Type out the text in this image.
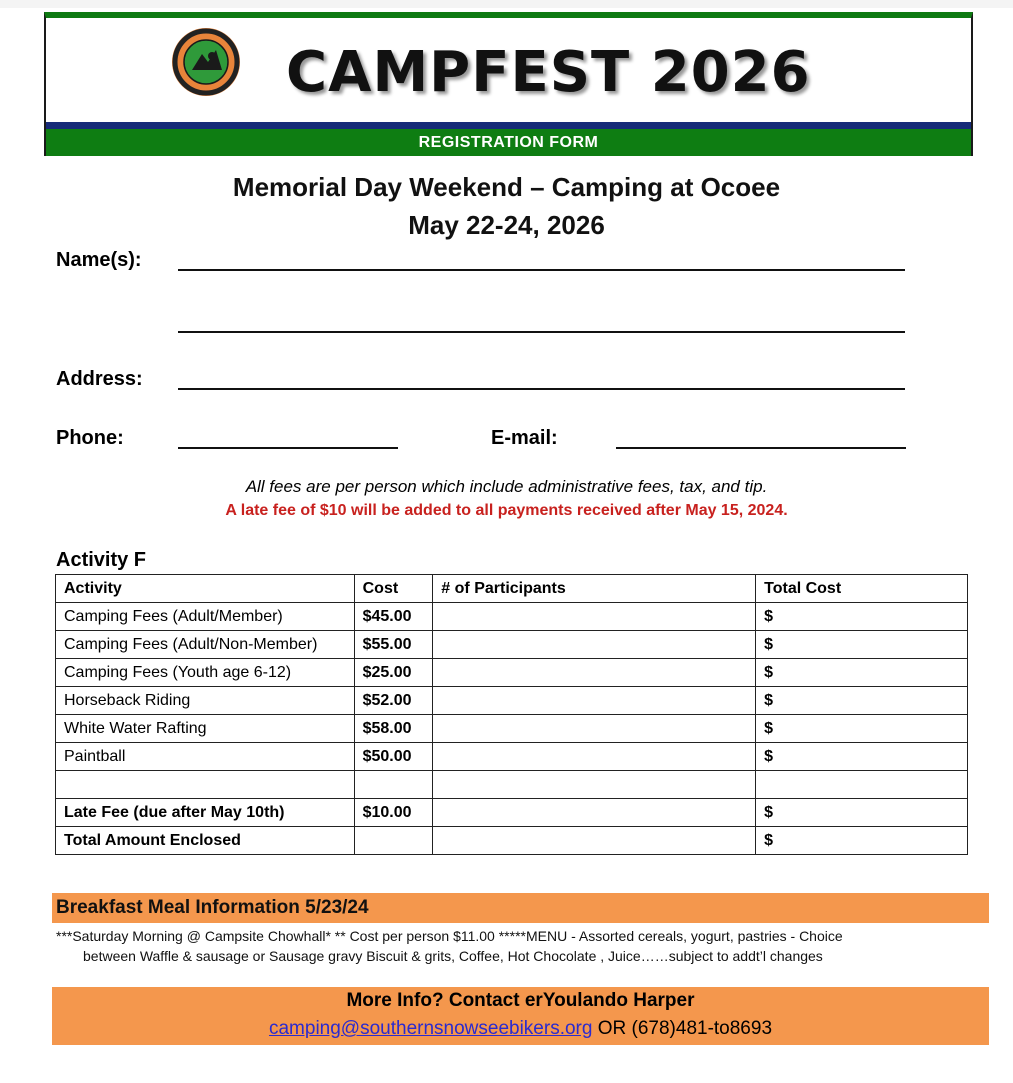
CAMPFEST 2026
REGISTRATION FORM
Memorial Day Weekend – Camping at Ocoee
May 22-24, 2026
Name(s):
Address:
Phone:	E-mail:
All fees are per person which include administrative fees, tax, and tip.
A late fee of $10 will be added to all payments received after May 15, 2024.
Activity F
Activity	Cost	# of Participants	Total Cost
Camping Fees (Adult/Member)	$45.00		$
Camping Fees (Adult/Non-Member)	$55.00		$
Camping Fees (Youth age 6-12)	$25.00		$
Horseback Riding	$52.00		$
White Water Rafting	$58.00		$
Paintball	$50.00		$

Late Fee (due after May 10th)	$10.00		$
Total Amount Enclosed			$
Breakfast Meal Information 5/23/24
***Saturday Morning @ Campsite Chowhall* ** Cost per person $11.00 *****MENU - Assorted cereals, yogurt, pastries - Choice
between Waffle & sausage or Sausage gravy Biscuit & grits, Coffee, Hot Chocolate , Juice……subject to addt’l changes
More Info? Contact erYoulando Harper
camping@southernsnowseebikers.org OR (678)481-to8693
